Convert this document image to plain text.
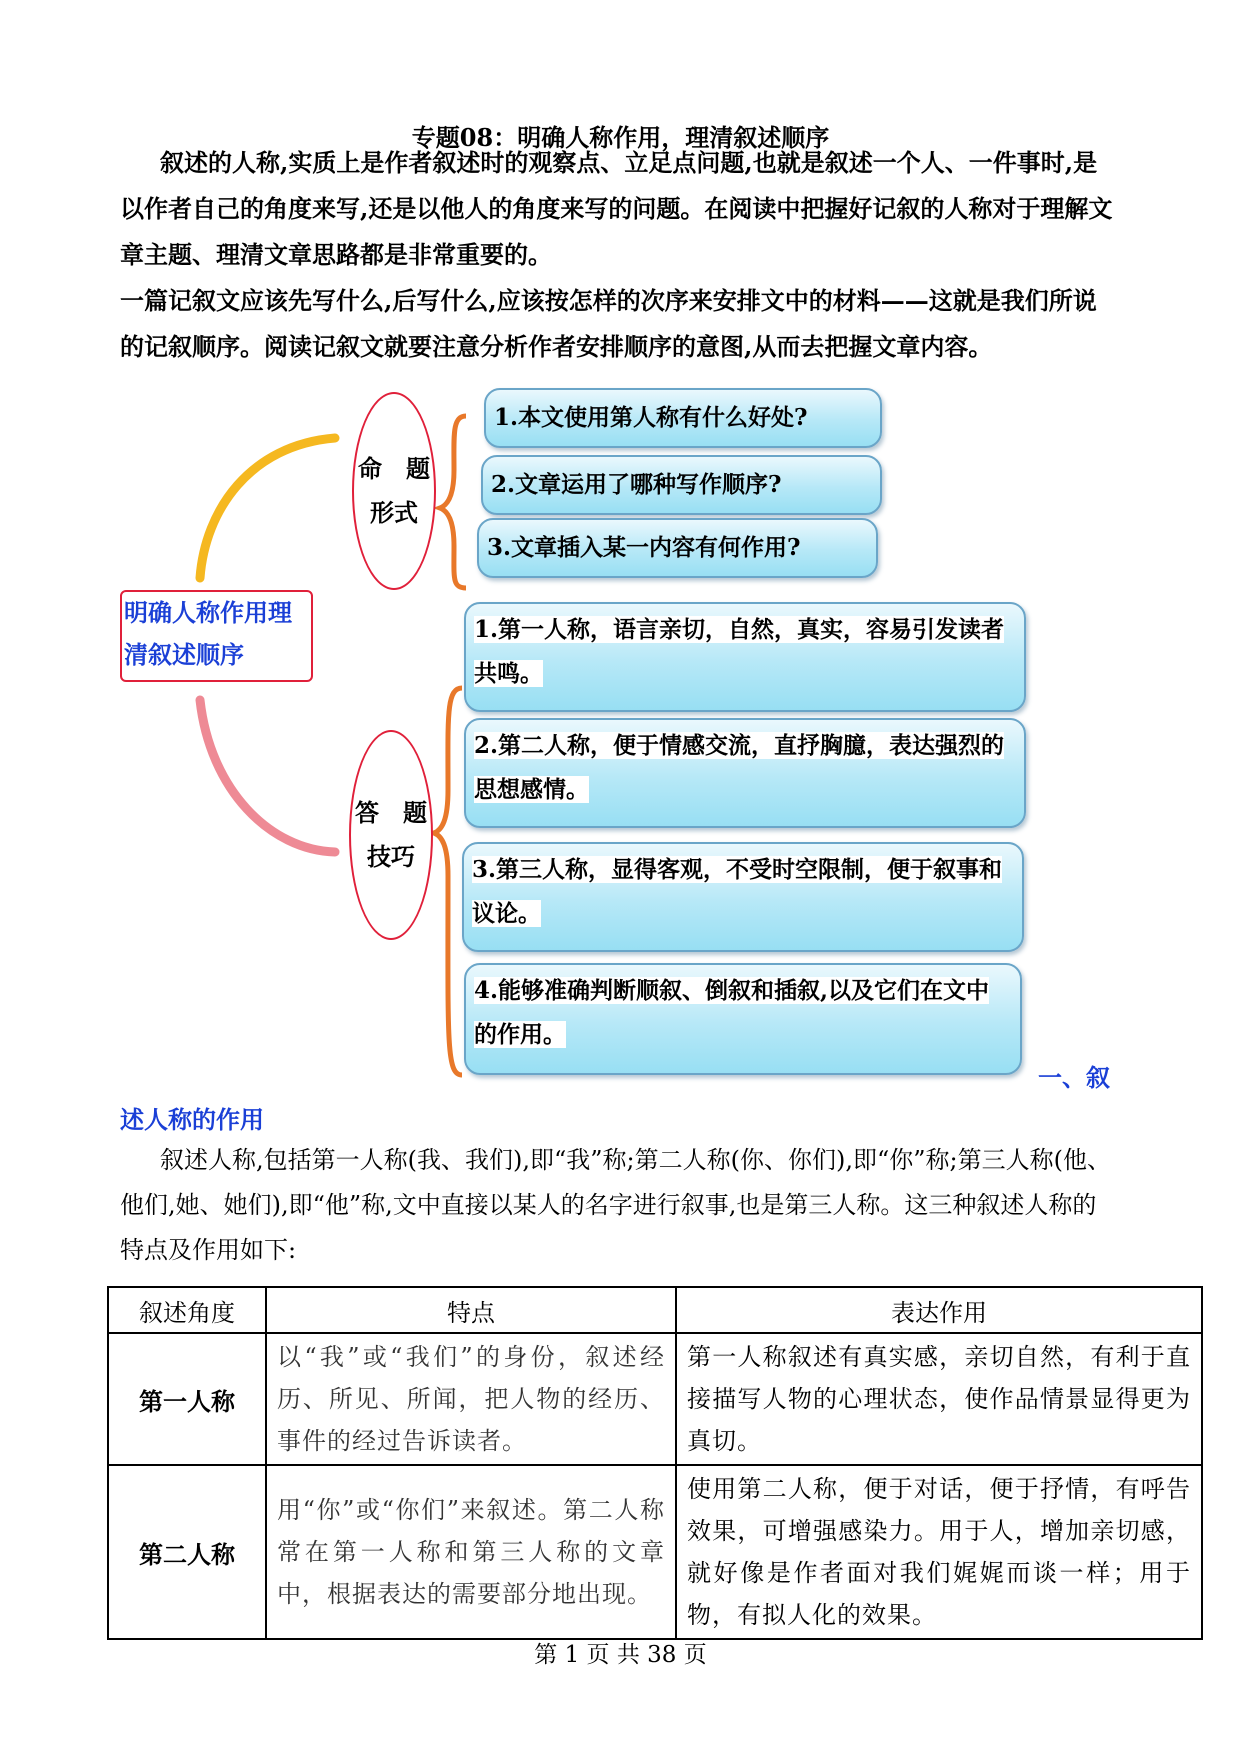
专题08：明确人称作用，理清叙述顺序

叙述的人称,实质上是作者叙述时的观察点、立足点问题,也就是叙述一个人、一件事时,是以作者自己的角度来写,还是以他人的角度来写的问题。在阅读中把握好记叙的人称对于理解文章主题、理清文章思路都是非常重要的。

一篇记叙文应该先写什么,后写什么,应该按怎样的次序来安排文中的材料——这就是我们所说的记叙顺序。阅读记叙文就要注意分析作者安排顺序的意图,从而去把握文章内容。

明确人称作用理清叙述顺序
命　题
形式
答　题
技巧
1.本文使用第人称有什么好处?
2.文章运用了哪种写作顺序?
3.文章插入某一内容有何作用?
1.第一人称，语言亲切，自然，真实，容易引发读者共鸣。
2.第二人称，便于情感交流，直抒胸臆，表达强烈的思想感情。
3.第三人称，显得客观，不受时空限制，便于叙事和议论。
4.能够准确判断顺叙、倒叙和插叙,以及它们在文中的作用。
一、叙
述人称的作用

叙述人称,包括第一人称(我、我们),即“我”称;第二人称(你、你们),即“你”称;第三人称(他、他们,她、她们),即“他”称,文中直接以某人的名字进行叙事,也是第三人称。这三种叙述人称的特点及作用如下:

叙述角度	特点	表达作用
第一人称	以“我”或“我们”的身份，叙述经历、所见、所闻，把人物的经历、事件的经过告诉读者。	第一人称叙述有真实感，亲切自然，有利于直接描写人物的心理状态，使作品情景显得更为真切。
第二人称	用“你”或“你们”来叙述。第二人称常在第一人称和第三人称的文章中，根据表达的需要部分地出现。	使用第二人称，便于对话，便于抒情，有呼告效果，可增强感染力。用于人，增加亲切感，就好像是作者面对我们娓娓而谈一样；用于物，有拟人化的效果。
第 1 页 共 38 页
